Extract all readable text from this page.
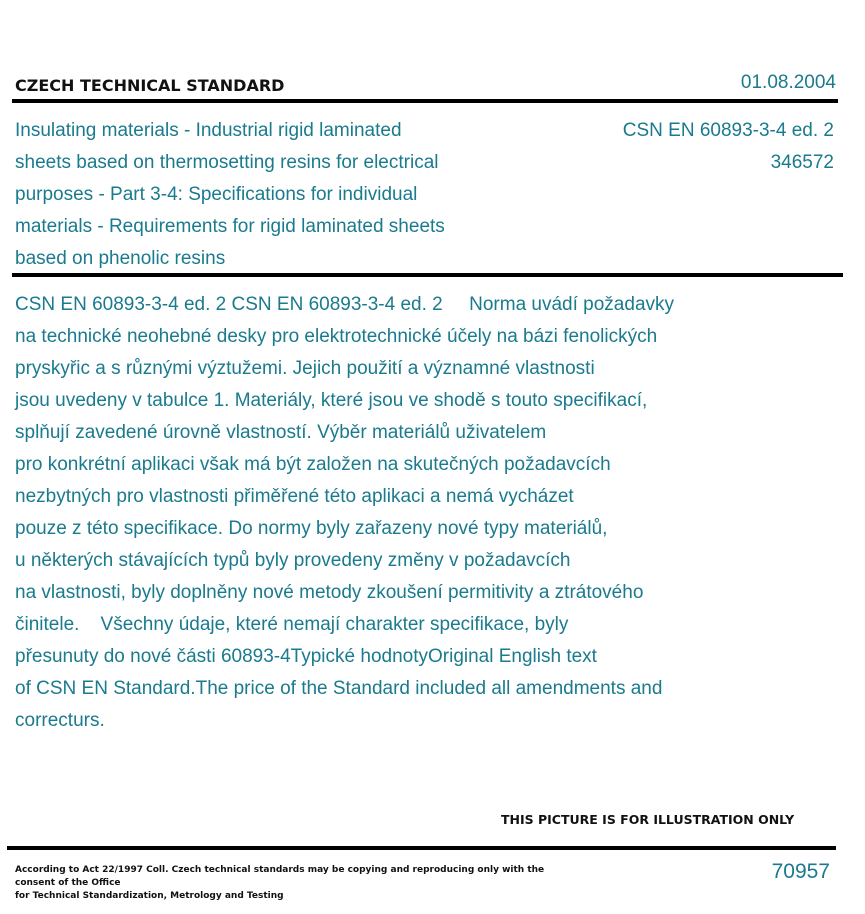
CZECH TECHNICAL STANDARD	01.08.2004
Insulating materials - Industrial rigid laminated
sheets based on thermosetting resins for electrical
purposes - Part 3-4: Specifications for individual
materials - Requirements for rigid laminated sheets
based on phenolic resins
CSN EN 60893-3-4 ed. 2
346572
CSN EN 60893-3-4 ed. 2 CSN EN 60893-3-4 ed. 2     Norma uvádí požadavky
na technické neohebné desky pro elektrotechnické účely na bázi fenolických
pryskyřic a s různými výztužemi. Jejich použití a významné vlastnosti
jsou uvedeny v tabulce 1. Materiály, které jsou ve shodě s touto specifikací,
splňují zavedené úrovně vlastností. Výběr materiálů uživatelem
pro konkrétní aplikaci však má být založen na skutečných požadavcích
nezbytných pro vlastnosti přiměřené této aplikaci a nemá vycházet
pouze z této specifikace. Do normy byly zařazeny nové typy materiálů,
u některých stávajících typů byly provedeny změny v požadavcích
na vlastnosti, byly doplněny nové metody zkoušení permitivity a ztrátového
činitele.    Všechny údaje, které nemají charakter specifikace, byly
přesunuty do nové části 60893-4Typické hodnotyOriginal English text
of CSN EN Standard.The price of the Standard included all amendments and
correcturs.
THIS PICTURE IS FOR ILLUSTRATION ONLY
According to Act 22/1997 Coll. Czech technical standards may be copying and reproducing only with the consent of the Office
for Technical Standardization, Metrology and Testing
70957
